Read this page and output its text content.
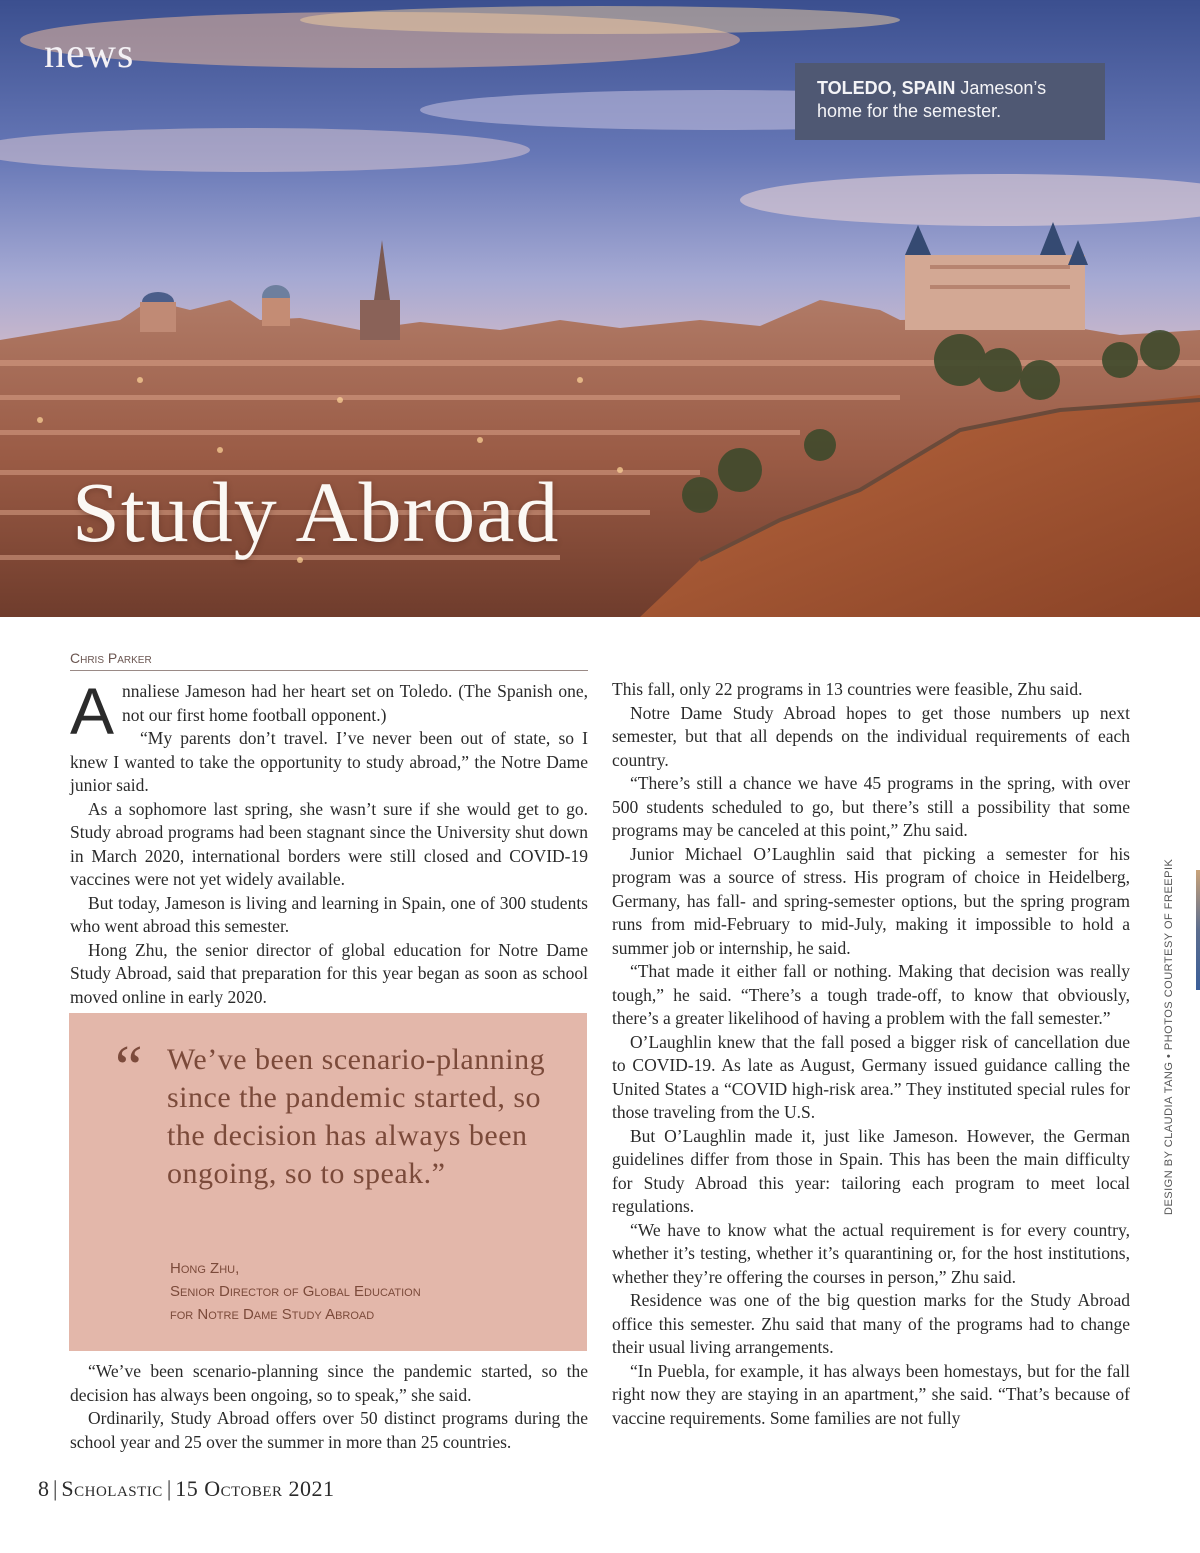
news
TOLEDO, SPAIN Jameson’s home for the semester.
Study Abroad
Chris Parker

Annaliese Jameson had her heart set on Toledo. (The Spanish one, not our first home football opponent.)

“My parents don’t travel. I’ve never been out of state, so I knew I wanted to take the opportunity to study abroad,” the Notre Dame junior said.

As a sophomore last spring, she wasn’t sure if she would get to go. Study abroad programs had been stagnant since the University shut down in March 2020, international borders were still closed and COVID-19 vaccines were not yet widely available.

But today, Jameson is living and learning in Spain, one of 300 students who went abroad this semester.

Hong Zhu, the senior director of global education for Notre Dame Study Abroad, said that preparation for this year began as soon as school moved online in early 2020.

“ We’ve been scenario-planning since the pandemic started, so the decision has always been ongoing, so to speak.”
Hong Zhu,
Senior Director of Global Education
for Notre Dame Study Abroad

“We’ve been scenario-planning since the pandemic started, so the decision has always been ongoing, so to speak,” she said.

Ordinarily, Study Abroad offers over 50 distinct programs during the school year and 25 over the summer in more than 25 countries.

This fall, only 22 programs in 13 countries were feasible, Zhu said.

Notre Dame Study Abroad hopes to get those numbers up next semester, but that all depends on the individual requirements of each country.

“There’s still a chance we have 45 programs in the spring, with over 500 students scheduled to go, but there’s still a possibility that some programs may be canceled at this point,” Zhu said.

Junior Michael O’Laughlin said that picking a semester for his program was a source of stress. His program of choice in Heidelberg, Germany, has fall- and spring-semester options, but the spring program runs from mid-February to mid-July, making it impossible to hold a summer job or internship, he said.

“That made it either fall or nothing. Making that decision was really tough,” he said. “There’s a tough trade-off, to know that obviously, there’s a greater likelihood of having a problem with the fall semester.”

O’Laughlin knew that the fall posed a bigger risk of cancellation due to COVID-19. As late as August, Germany issued guidance calling the United States a “COVID high-risk area.” They instituted special rules for those traveling from the U.S.

But O’Laughlin made it, just like Jameson. However, the German guidelines differ from those in Spain. This has been the main difficulty for Study Abroad this year: tailoring each program to meet local regulations.

“We have to know what the actual requirement is for every country, whether it’s testing, whether it’s quarantining or, for the host institutions, whether they’re offering the courses in person,” Zhu said.

Residence was one of the big question marks for the Study Abroad office this semester. Zhu said that many of the programs had to change their usual living arrangements.

“In Puebla, for example, it has always been homestays, but for the fall right now they are staying in an apartment,” she said. “That’s because of vaccine requirements. Some families are not fully

DESIGN BY CLAUDIA TANG • PHOTOS COURTESY OF FREEPIK
8 | Scholastic | 15 October 2021
